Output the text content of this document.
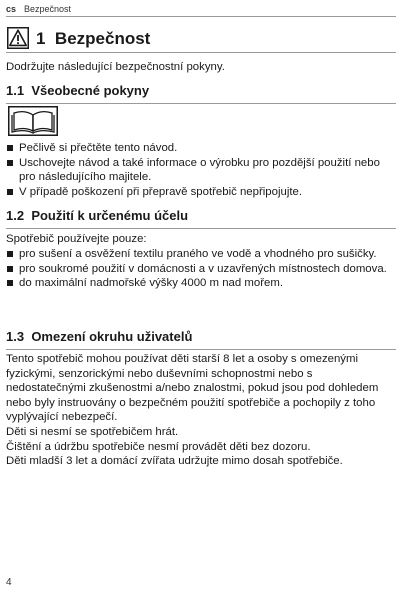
cs Bezpečnost
1 Bezpečnost

Dodržujte následující bezpečnostní pokyny.

1.1 Všeobecné pokyny
Pečlivě si přečtěte tento návod.
Uschovejte návod a také informace o výrobku pro pozdější použití nebo pro následujícího majitele.
V případě poškození při přepravě spotřebič nepřipojujte.
1.2 Použití k určenému účelu

Spotřebič používejte pouze:

pro sušení a osvěžení textilu praného ve vodě a vhodného pro sušičky.
pro soukromé použití v domácnosti a v uzavřených místnostech domova.
do maximální nadmořské výšky 4000 m nad mořem.
1.3 Omezení okruhu uživatelů
Tento spotřebič mohou používat děti starší 8 let a osoby s omezenými fyzickými, senzorickými nebo duševními schopnostmi nebo s nedostatečnými zkušenostmi a/nebo znalostmi, pokud jsou pod dohledem nebo byly instruovány o bezpečném použití spotřebiče a pochopily z toho vyplývající nebezpečí.
Děti si nesmí se spotřebičem hrát.
Čištění a údržbu spotřebiče nesmí provádět děti bez dozoru.
Děti mladší 3 let a domácí zvířata udržujte mimo dosah spotřebiče.
4
